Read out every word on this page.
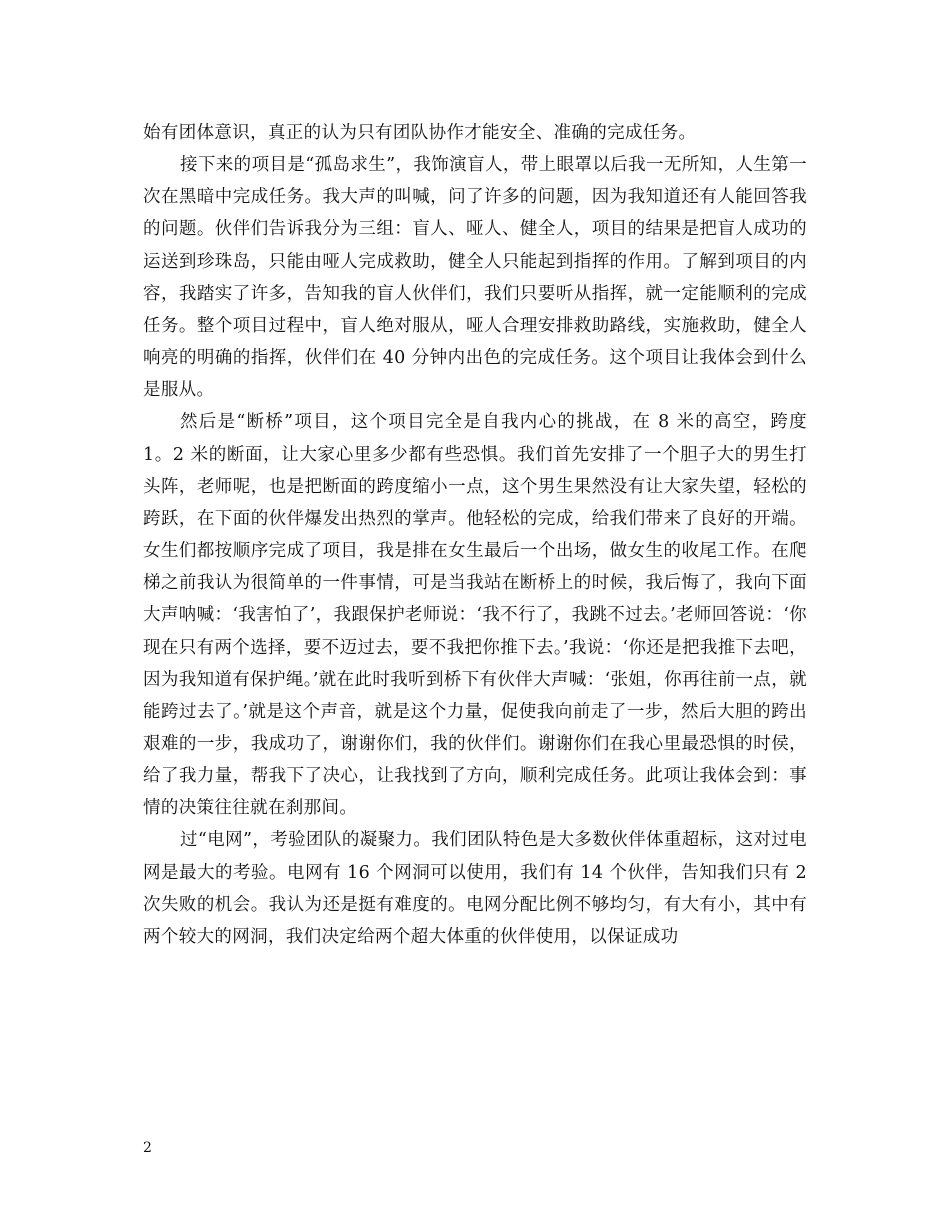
始有团体意识，真正的认为只有团队协作才能安全、准确的完成任务。

接下来的项目是“孤岛求生”，我饰演盲人，带上眼罩以后我一无所知，人生第一次在黑暗中完成任务。我大声的叫喊，问了许多的问题，因为我知道还有人能回答我的问题。伙伴们告诉我分为三组：盲人、哑人、健全人，项目的结果是把盲人成功的运送到珍珠岛，只能由哑人完成救助，健全人只能起到指挥的作用。了解到项目的内容，我踏实了许多，告知我的盲人伙伴们，我们只要听从指挥，就一定能顺利的完成任务。整个项目过程中，盲人绝对服从，哑人合理安排救助路线，实施救助，健全人响亮的明确的指挥，伙伴们在 40 分钟内出色的完成任务。这个项目让我体会到什么是服从。

然后是“断桥”项目，这个项目完全是自我内心的挑战，在 8 米的高空，跨度 1。2 米的断面，让大家心里多少都有些恐惧。我们首先安排了一个胆子大的男生打头阵，老师呢，也是把断面的跨度缩小一点，这个男生果然没有让大家失望，轻松的跨跃，在下面的伙伴爆发出热烈的掌声。他轻松的完成，给我们带来了良好的开端。女生们都按顺序完成了项目，我是排在女生最后一个出场，做女生的收尾工作。在爬梯之前我认为很简单的一件事情，可是当我站在断桥上的时候，我后悔了，我向下面大声呐喊：‘我害怕了’，我跟保护老师说：‘我不行了，我跳不过去。’老师回答说：‘你现在只有两个选择，要不迈过去，要不我把你推下去。’我说：‘你还是把我推下去吧，因为我知道有保护绳。’就在此时我听到桥下有伙伴大声喊：‘张姐，你再往前一点，就能跨过去了。’就是这个声音，就是这个力量，促使我向前走了一步，然后大胆的跨出艰难的一步，我成功了，谢谢你们，我的伙伴们。谢谢你们在我心里最恐惧的时侯，给了我力量，帮我下了决心，让我找到了方向，顺利完成任务。此项让我体会到：事情的决策往往就在刹那间。

过“电网”，考验团队的凝聚力。我们团队特色是大多数伙伴体重超标，这对过电网是最大的考验。电网有 16 个网洞可以使用，我们有 14 个伙伴，告知我们只有 2 次失败的机会。我认为还是挺有难度的。电网分配比例不够均匀，有大有小，其中有两个较大的网洞，我们决定给两个超大体重的伙伴使用，以保证成功

2
